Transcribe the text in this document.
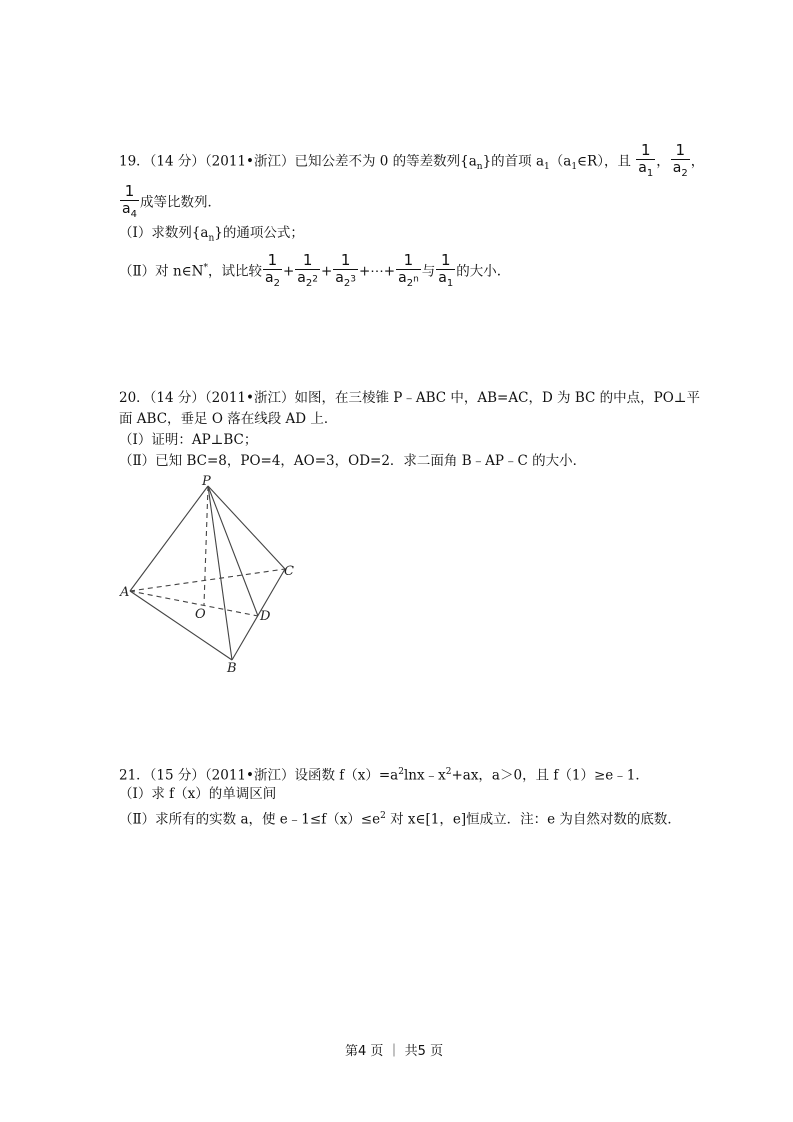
19．（14 分）（2011•浙江）已知公差不为 0 的等差数列$\{a_n\}$的首项 $a_1(a_1\in R)$，且 $\frac{1}{a_1}$ ， $\frac{1}{a_2}$ ，
$\frac{1}{a_4}$ 成等比数列．
（Ⅰ）求数列$\{a_n\}$的通项公式；
（Ⅱ）对 n∈N*，试比较 $\frac{1}{a_2} + \frac{1}{a_{2^2}} + \frac{1}{a_{2^3}}$ +⋯+ $\frac{1}{a_{2^n}}$ 与 $\frac{1}{a_1}$ 的大小.
20．（14 分）（2011•浙江）如图，在三棱锥 P﹣ABC 中，AB=AC，D 为 BC 的中点，PO⊥平
面 ABC，垂足 O 落在线段 AD 上．
（Ⅰ）证明：AP⊥BC；
（Ⅱ）已知 BC=8，PO=4，AO=3，OD=2．求二面角 B﹣AP﹣C 的大小．
P
A
C
O	D
B
21．（15 分）（2011•浙江）设函数 $f(x)=a^2\ln x﹣x^2+ax$，a＞0，且 f（1）≥e﹣1．
（Ⅰ）求 f（x）的单调区间
（Ⅱ）求所有的实数 a，使 $e﹣1\le f(x)\le e^2$ 对 x∈[1，e]恒成立．注：e 为自然对数的底数．
第4 页 ｜ 共5 页
